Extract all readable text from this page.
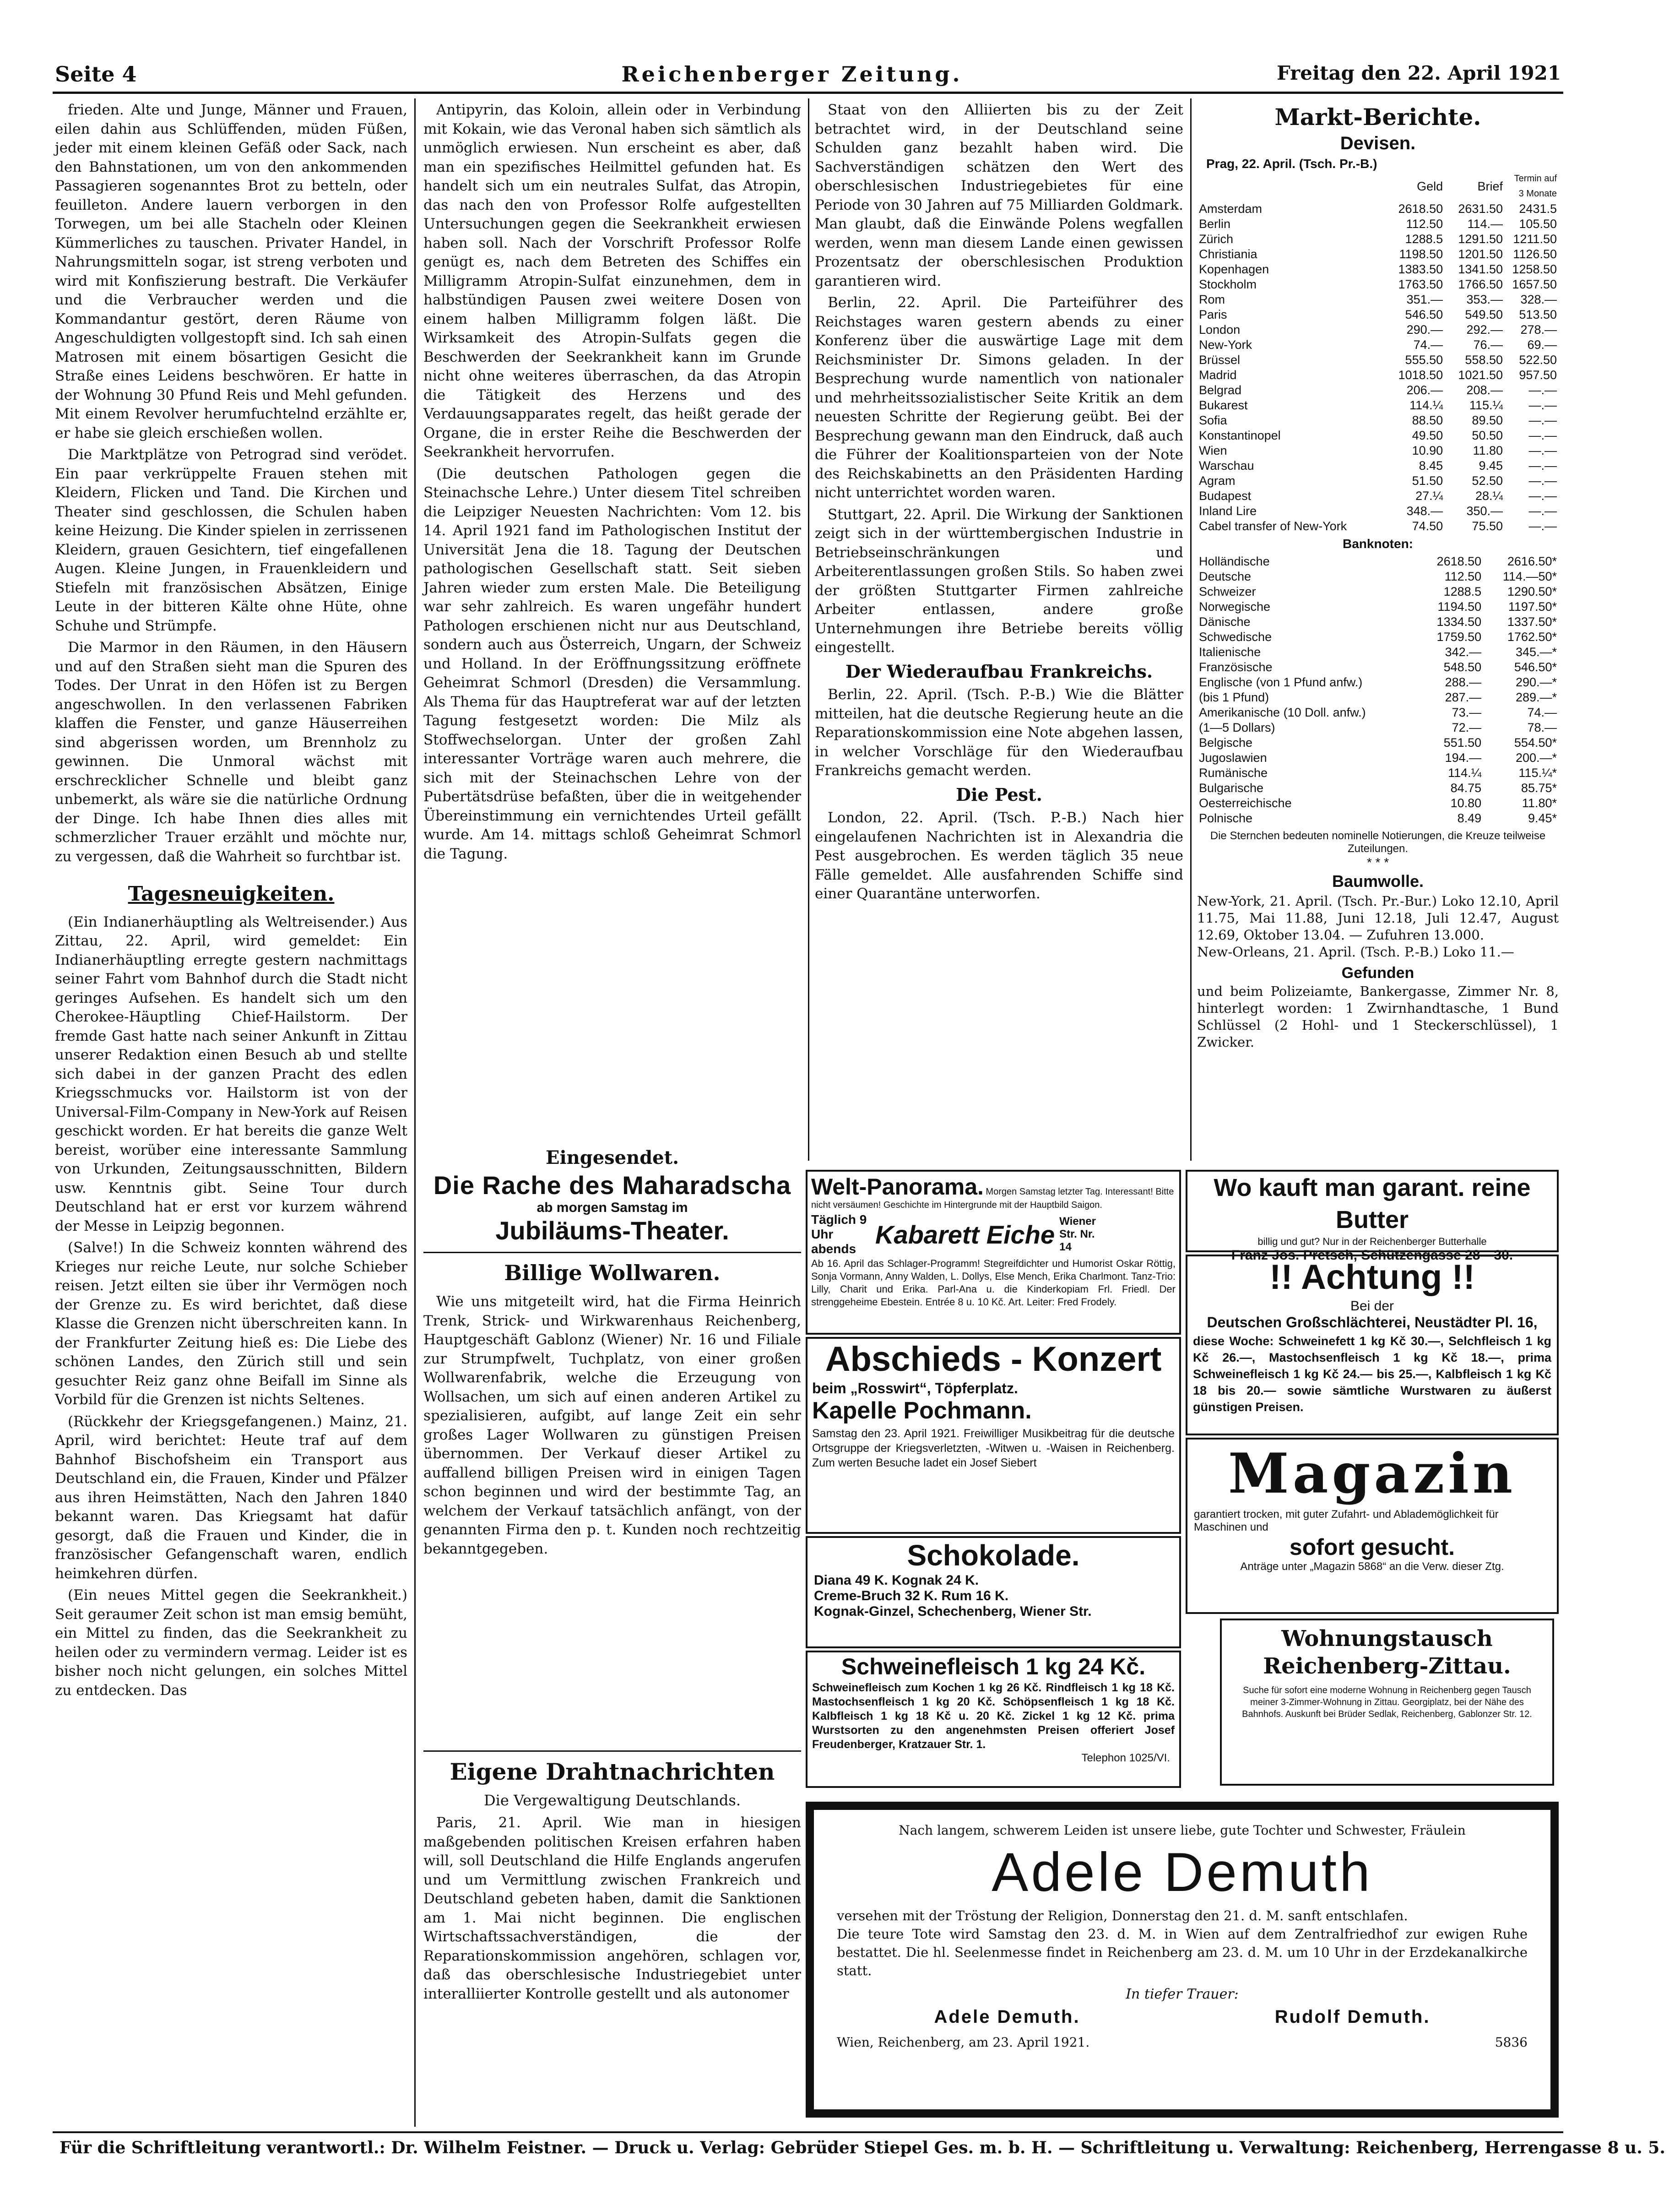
Seite 4	Reichenberger Zeitung.	Freitag den 22. April 1921

frieden. Alte und Junge, Männer und Frauen, eilen dahin aus Schlüffenden, müden Füßen, jeder mit einem kleinen Gefäß oder Sack, nach den Bahnstationen, um von den ankommenden Passagieren sogenanntes Brot zu betteln, oder feuilleton. Andere lauern verborgen in den Torwegen, um bei alle Stacheln oder Kleinen Kümmerliches zu tauschen. Privater Handel, in Nahrungsmitteln sogar, ist streng verboten und wird mit Konfiszierung bestraft. Die Verkäufer und die Verbraucher werden und die Kommandantur gestört, deren Räume von Angeschuldigten vollgestopft sind. Ich sah einen Matrosen mit einem bösartigen Gesicht die Straße eines Leidens beschwören. Er hatte in der Wohnung 30 Pfund Reis und Mehl gefunden. Mit einem Revolver herumfuchtelnd erzählte er, er habe sie gleich erschießen wollen.

Die Marktplätze von Petrograd sind verödet. Ein paar verkrüppelte Frauen stehen mit Kleidern, Flicken und Tand. Die Kirchen und Theater sind geschlossen, die Schulen haben keine Heizung. Die Kinder spielen in zerrissenen Kleidern, grauen Gesichtern, tief eingefallenen Augen. Kleine Jungen, in Frauenkleidern und Stiefeln mit französischen Absätzen, Einige Leute in der bitteren Kälte ohne Hüte, ohne Schuhe und Strümpfe.

Die Marmor in den Räumen, in den Häusern und auf den Straßen sieht man die Spuren des Todes. Der Unrat in den Höfen ist zu Bergen angeschwollen. In den verlassenen Fabriken klaffen die Fenster, und ganze Häuserreihen sind abgerissen worden, um Brennholz zu gewinnen. Die Unmoral wächst mit erschrecklicher Schnelle und bleibt ganz unbemerkt, als wäre sie die natürliche Ordnung der Dinge. Ich habe Ihnen dies alles mit schmerzlicher Trauer erzählt und möchte nur, zu vergessen, daß die Wahrheit so furchtbar ist.

Tagesneuigkeiten.

(Ein Indianerhäuptling als Weltreisender.) Aus Zittau, 22. April, wird gemeldet: Ein Indianerhäuptling erregte gestern nachmittags seiner Fahrt vom Bahnhof durch die Stadt nicht geringes Aufsehen. Es handelt sich um den Cherokee-Häuptling Chief-Hailstorm. Der fremde Gast hatte nach seiner Ankunft in Zittau unserer Redaktion einen Besuch ab und stellte sich dabei in der ganzen Pracht des edlen Kriegsschmucks vor. Hailstorm ist von der Universal-Film-Company in New-York auf Reisen geschickt worden. Er hat bereits die ganze Welt bereist, worüber eine interessante Sammlung von Urkunden, Zeitungsausschnitten, Bildern usw. Kenntnis gibt. Seine Tour durch Deutschland hat er erst vor kurzem während der Messe in Leipzig begonnen.

(Salve!) In die Schweiz konnten während des Krieges nur reiche Leute, nur solche Schieber reisen. Jetzt eilten sie über ihr Vermögen noch der Grenze zu. Es wird berichtet, daß diese Klasse die Grenzen nicht überschreiten kann. In der Frankfurter Zeitung hieß es: Die Liebe des schönen Landes, den Zürich still und sein gesuchter Reiz ganz ohne Beifall im Sinne als Vorbild für die Grenzen ist nichts Seltenes.

(Rückkehr der Kriegsgefangenen.) Mainz, 21. April, wird berichtet: Heute traf auf dem Bahnhof Bischofsheim ein Transport aus Deutschland ein, die Frauen, Kinder und Pfälzer aus ihren Heimstätten, Nach den Jahren 1840 bekannt waren. Das Kriegsamt hat dafür gesorgt, daß die Frauen und Kinder, die in französischer Gefangenschaft waren, endlich heimkehren dürfen.

(Ein neues Mittel gegen die Seekrankheit.) Seit geraumer Zeit schon ist man emsig bemüht, ein Mittel zu finden, das die Seekrankheit zu heilen oder zu vermindern vermag. Leider ist es bisher noch nicht gelungen, ein solches Mittel zu entdecken. Das

Antipyrin, das Koloin, allein oder in Verbindung mit Kokain, wie das Veronal haben sich sämtlich als unmöglich erwiesen. Nun erscheint es aber, daß man ein spezifisches Heilmittel gefunden hat. Es handelt sich um ein neutrales Sulfat, das Atropin, das nach den von Professor Rolfe aufgestellten Untersuchungen gegen die Seekrankheit erwiesen haben soll. Nach der Vorschrift Professor Rolfe genügt es, nach dem Betreten des Schiffes ein Milligramm Atropin-Sulfat einzunehmen, dem in halbstündigen Pausen zwei weitere Dosen von einem halben Milligramm folgen läßt. Die Wirksamkeit des Atropin-Sulfats gegen die Beschwerden der Seekrankheit kann im Grunde nicht ohne weiteres überraschen, da das Atropin die Tätigkeit des Herzens und des Verdauungsapparates regelt, das heißt gerade der Organe, die in erster Reihe die Beschwerden der Seekrankheit hervorrufen.

(Die deutschen Pathologen gegen die Steinachsche Lehre.) Unter diesem Titel schreiben die Leipziger Neuesten Nachrichten: Vom 12. bis 14. April 1921 fand im Pathologischen Institut der Universität Jena die 18. Tagung der Deutschen pathologischen Gesellschaft statt. Seit sieben Jahren wieder zum ersten Male. Die Beteiligung war sehr zahlreich. Es waren ungefähr hundert Pathologen erschienen nicht nur aus Deutschland, sondern auch aus Österreich, Ungarn, der Schweiz und Holland. In der Eröffnungssitzung eröffnete Geheimrat Schmorl (Dresden) die Versammlung. Als Thema für das Hauptreferat war auf der letzten Tagung festgesetzt worden: Die Milz als Stoffwechselorgan. Unter der großen Zahl interessanter Vorträge waren auch mehrere, die sich mit der Steinachschen Lehre von der Pubertätsdrüse befaßten, über die in weitgehender Übereinstimmung ein vernichtendes Urteil gefällt wurde. Am 14. mittags schloß Geheimrat Schmorl die Tagung.

Eingesendet.
Die Rache des Maharadscha
ab morgen Samstag im
Jubiläums-Theater.
Billige Wollwaren.

Wie uns mitgeteilt wird, hat die Firma Heinrich Trenk, Strick- und Wirkwarenhaus Reichenberg, Hauptgeschäft Gablonz (Wiener) Nr. 16 und Filiale zur Strumpfwelt, Tuchplatz, von einer großen Wollwarenfabrik, welche die Erzeugung von Wollsachen, um sich auf einen anderen Artikel zu spezialisieren, aufgibt, auf lange Zeit ein sehr großes Lager Wollwaren zu günstigen Preisen übernommen. Der Verkauf dieser Artikel zu auffallend billigen Preisen wird in einigen Tagen schon beginnen und wird der bestimmte Tag, an welchem der Verkauf tatsächlich anfängt, von der genannten Firma den p. t. Kunden noch rechtzeitig bekanntgegeben.

Eigene Drahtnachrichten
Die Vergewaltigung Deutschlands.

Paris, 21. April. Wie man in hiesigen maßgebenden politischen Kreisen erfahren haben will, soll Deutschland die Hilfe Englands angerufen und um Vermittlung zwischen Frankreich und Deutschland gebeten haben, damit die Sanktionen am 1. Mai nicht beginnen. Die englischen Wirtschaftssachverständigen, die der Reparationskommission angehören, schlagen vor, daß das oberschlesische Industriegebiet unter interalliierter Kontrolle gestellt und als autonomer

Staat von den Alliierten bis zu der Zeit betrachtet wird, in der Deutschland seine Schulden ganz bezahlt haben wird. Die Sachverständigen schätzen den Wert des oberschlesischen Industriegebietes für eine Periode von 30 Jahren auf 75 Milliarden Goldmark. Man glaubt, daß die Einwände Polens wegfallen werden, wenn man diesem Lande einen gewissen Prozentsatz der oberschlesischen Produktion garantieren wird.

Berlin, 22. April. Die Parteiführer des Reichstages waren gestern abends zu einer Konferenz über die auswärtige Lage mit dem Reichsminister Dr. Simons geladen. In der Besprechung wurde namentlich von nationaler und mehrheitssozialistischer Seite Kritik an dem neuesten Schritte der Regierung geübt. Bei der Besprechung gewann man den Eindruck, daß auch die Führer der Koalitionsparteien von der Note des Reichskabinetts an den Präsidenten Harding nicht unterrichtet worden waren.

Stuttgart, 22. April. Die Wirkung der Sanktionen zeigt sich in der württembergischen Industrie in Betriebseinschränkungen und Arbeiterentlassungen großen Stils. So haben zwei der größten Stuttgarter Firmen zahlreiche Arbeiter entlassen, andere große Unternehmungen ihre Betriebe bereits völlig eingestellt.

Der Wiederaufbau Frankreichs.

Berlin, 22. April. (Tsch. P.-B.) Wie die Blätter mitteilen, hat die deutsche Regierung heute an die Reparationskommission eine Note abgehen lassen, in welcher Vorschläge für den Wiederaufbau Frankreichs gemacht werden.

Die Pest.

London, 22. April. (Tsch. P.-B.) Nach hier eingelaufenen Nachrichten ist in Alexandria die Pest ausgebrochen. Es werden täglich 35 neue Fälle gemeldet. Alle ausfahrenden Schiffe sind einer Quarantäne unterworfen.

Markt-Berichte.
Devisen.
Prag, 22. April. (Tsch. Pr.-B.)
	Geld	Brief	Termin auf 3 Monate
Amsterdam	2618.50	2631.50	2431.5
Berlin	112.50	114.—	105.50
Zürich	1288.5	1291.50	1211.50
Christiania	1198.50	1201.50	1126.50
Kopenhagen	1383.50	1341.50	1258.50
Stockholm	1763.50	1766.50	1657.50
Rom	351.—	353.—	328.—
Paris	546.50	549.50	513.50
London	290.—	292.—	278.—
New-York	74.—	76.—	69.—
Brüssel	555.50	558.50	522.50
Madrid	1018.50	1021.50	957.50
Belgrad	206.—	208.—	—.—
Bukarest	114.¼	115.¼	—.—
Sofia	88.50	89.50	—.—
Konstantinopel	49.50	50.50	—.—
Wien	10.90	11.80	—.—
Warschau	8.45	9.45	—.—
Agram	51.50	52.50	—.—
Budapest	27.¼	28.¼	—.—
Inland Lire	348.—	350.—	—.—
Cabel transfer of New-York	74.50	75.50	—.—
Banknoten:
Holländische	2618.50	2616.50*
Deutsche	112.50	114.—50*
Schweizer	1288.5	1290.50*
Norwegische	1194.50	1197.50*
Dänische	1334.50	1337.50*
Schwedische	1759.50	1762.50*
Italienische	342.—	345.—*
Französische	548.50	546.50*
Englische (von 1 Pfund anfw.)	288.—	290.—*
(bis 1 Pfund)	287.—	289.—*
Amerikanische (10 Doll. anfw.)	73.—	74.—
(1—5 Dollars)	72.—	78.—
Belgische	551.50	554.50*
Jugoslawien	194.—	200.—*
Rumänische	114.¼	115.¼*
Bulgarische	84.75	85.75*
Oesterreichische	10.80	11.80*
Polnische	8.49	9.45*
Die Sternchen bedeuten nominelle Notierungen, die Kreuze teilweise Zuteilungen.
* * *
Baumwolle.
New-York, 21. April. (Tsch. Pr.-Bur.) Loko 12.10, April 11.75, Mai 11.88, Juni 12.18, Juli 12.47, August 12.69, Oktober 13.04. — Zufuhren 13.000.
New-Orleans, 21. April. (Tsch. P.-B.) Loko 11.—
Gefunden
und beim Polizeiamte, Bankergasse, Zimmer Nr. 8, hinterlegt worden: 1 Zwirnhandtasche, 1 Bund Schlüssel (2 Hohl- und 1 Steckerschlüssel), 1 Zwicker.
Welt-Panorama. Morgen Samstag letzter Tag. Interessant! Bitte nicht versäumen! Geschichte im Hintergrunde mit der Hauptbild Saigon.
Täglich 9 Uhr abends Kabarett Eiche Wiener Str. Nr. 14
Ab 16. April das Schlager-Programm! Stegreifdichter und Humorist Oskar Röttig, Sonja Vormann, Anny Walden, L. Dollys, Else Mench, Erika Charlmont. Tanz-Trio: Lilly, Charit und Erika. Parl-Ana u. die Kinderkopiam Frl. Friedl. Der strenggeheime Ebestein. Entrée 8 u. 10 Kč. Art. Leiter: Fred Frodely.
Abschieds - Konzert
beim „Rosswirt“, Töpferplatz.
Kapelle Pochmann.
Samstag den 23. April 1921. Freiwilliger Musikbeitrag für die deutsche Ortsgruppe der Kriegsverletzten, -Witwen u. -Waisen in Reichenberg. Zum werten Besuche ladet ein Josef Siebert
Schokolade.
Diana 49 K. Kognak 24 K.
Creme-Bruch 32 K. Rum 16 K.
Kognak-Ginzel, Schechenberg, Wiener Str.
Schweinefleisch 1 kg 24 Kč.
Schweinefleisch zum Kochen 1 kg 26 Kč. Rindfleisch 1 kg 18 Kč. Mastochsenfleisch 1 kg 20 Kč. Schöpsenfleisch 1 kg 18 Kč. Kalbfleisch 1 kg 18 Kč u. 20 Kč. Zickel 1 kg 12 Kč. prima Wurstsorten zu den angenehmsten Preisen offeriert Josef Freudenberger, Kratzauer Str. 1.
Telephon 1025/VI.
Wo kauft man garant. reine Butter
billig und gut? Nur in der Reichenberger Butterhalle
Franz Jos. Pretsch, Schützengasse 28—30.
!! Achtung !!
Bei der
Deutschen Großschlächterei, Neustädter Pl. 16,
diese Woche: Schweinefett 1 kg Kč 30.—, Selchfleisch 1 kg Kč 26.—, Mastochsenfleisch 1 kg Kč 18.—, prima Schweinefleisch 1 kg Kč 24.— bis 25.—, Kalbfleisch 1 kg Kč 18 bis 20.— sowie sämtliche Wurstwaren zu äußerst günstigen Preisen.
Magazin
garantiert trocken, mit guter Zufahrt- und Ablademöglichkeit für Maschinen und
sofort gesucht.
Anträge unter „Magazin 5868“ an die Verw. dieser Ztg.
Wohnungstausch Reichenberg-Zittau.
Suche für sofort eine moderne Wohnung in Reichenberg gegen Tausch meiner 3-Zimmer-Wohnung in Zittau. Georgiplatz, bei der Nähe des Bahnhofs. Auskunft bei Brüder Sedlak, Reichenberg, Gablonzer Str. 12.
Nach langem, schwerem Leiden ist unsere liebe, gute Tochter und Schwester, Fräulein
Adele Demuth
versehen mit der Tröstung der Religion, Donnerstag den 21. d. M. sanft entschlafen.
Die teure Tote wird Samstag den 23. d. M. in Wien auf dem Zentralfriedhof zur ewigen Ruhe bestattet. Die hl. Seelenmesse findet in Reichenberg am 23. d. M. um 10 Uhr in der Erzdekanalkirche statt.
In tiefer Trauer:
Adele Demuth.	Rudolf Demuth.
Wien, Reichenberg, am 23. April 1921.	5836
Für die Schriftleitung verantwortl.: Dr. Wilhelm Feistner. — Druck u. Verlag: Gebrüder Stiepel Ges. m. b. H. — Schriftleitung u. Verwaltung: Reichenberg, Herrengasse 8 u. 5.
